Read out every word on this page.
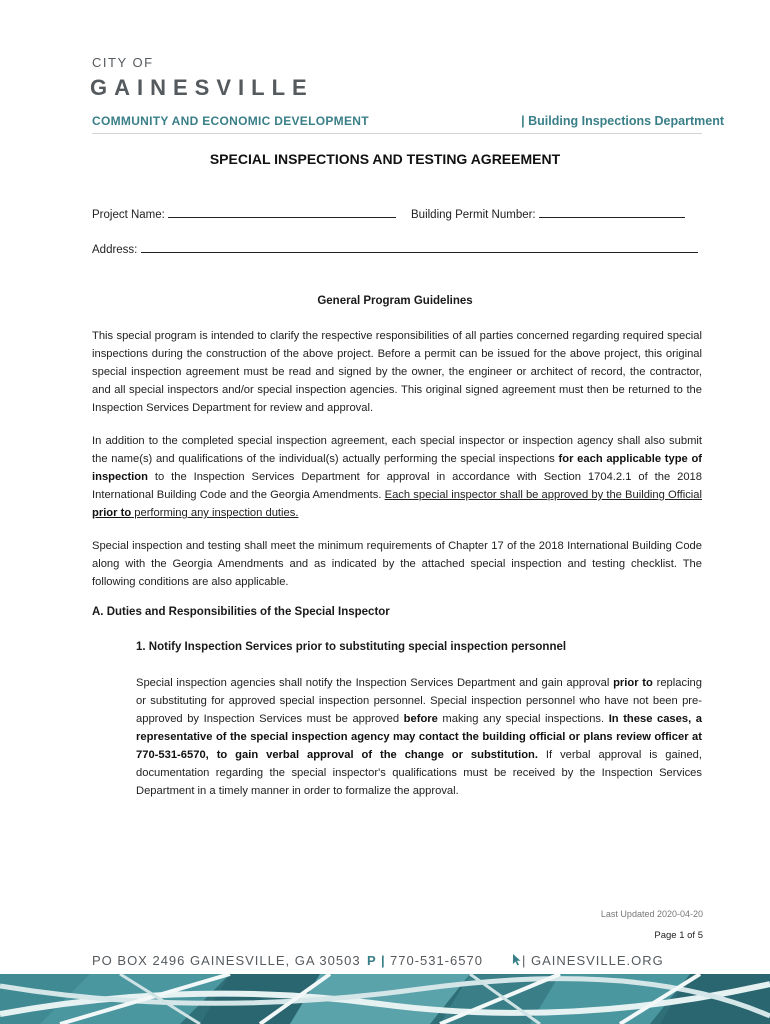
CITY OF
GAINESVILLE
COMMUNITY AND ECONOMIC DEVELOPMENT	| Building Inspections Department
SPECIAL INSPECTIONS AND TESTING AGREEMENT
Project Name:	Building Permit Number:
Address:
General Program Guidelines
This special program is intended to clarify the respective responsibilities of all parties concerned regarding required special inspections during the construction of the above project. Before a permit can be issued for the above project, this original special inspection agreement must be read and signed by the owner, the engineer or architect of record, the contractor, and all special inspectors and/or special inspection agencies. This original signed agreement must then be returned to the Inspection Services Department for review and approval.
In addition to the completed special inspection agreement, each special inspector or inspection agency shall also submit the name(s) and qualifications of the individual(s) actually performing the special inspections for each applicable type of inspection to the Inspection Services Department for approval in accordance with Section 1704.2.1 of the 2018 International Building Code and the Georgia Amendments. Each special inspector shall be approved by the Building Official prior to performing any inspection duties.
Special inspection and testing shall meet the minimum requirements of Chapter 17 of the 2018 International Building Code along with the Georgia Amendments and as indicated by the attached special inspection and testing checklist. The following conditions are also applicable.
A. Duties and Responsibilities of the Special Inspector
1. Notify Inspection Services prior to substituting special inspection personnel
Special inspection agencies shall notify the Inspection Services Department and gain approval prior to replacing or substituting for approved special inspection personnel. Special inspection personnel who have not been pre-approved by Inspection Services must be approved before making any special inspections. In these cases, a representative of the special inspection agency may contact the building official or plans review officer at 770-531-6570, to gain verbal approval of the change or substitution. If verbal approval is gained, documentation regarding the special inspector's qualifications must be received by the Inspection Services Department in a timely manner in order to formalize the approval.
Last Updated 2020-04-20
Page 1 of 5
PO BOX 2496 GAINESVILLE, GA 30503 P | 770-531-6570	| GAINESVILLE.ORG
